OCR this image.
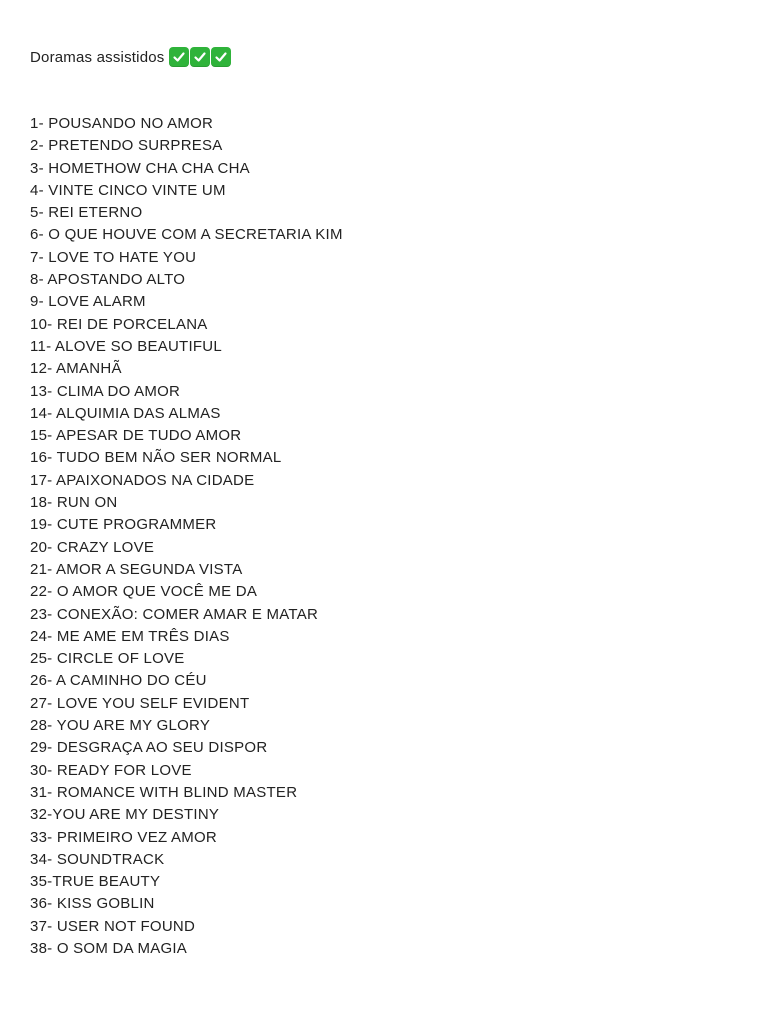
Doramas assistidos
1- POUSANDO NO AMOR
2- PRETENDO SURPRESA
3- HOMETHOW CHA CHA CHA
4- VINTE CINCO VINTE UM
5- REI ETERNO
6- O QUE HOUVE COM A SECRETARIA KIM
7- LOVE TO HATE YOU
8- APOSTANDO ALTO
9- LOVE ALARM
10- REI DE PORCELANA
11- ALOVE SO BEAUTIFUL
12- AMANHÃ
13- CLIMA DO AMOR
14- ALQUIMIA DAS ALMAS
15- APESAR DE TUDO AMOR
16- TUDO BEM NÃO SER NORMAL
17- APAIXONADOS NA CIDADE
18- RUN ON
19- CUTE PROGRAMMER
20- CRAZY LOVE
21- AMOR A SEGUNDA VISTA
22- O AMOR QUE VOCÊ ME DA
23- CONEXÃO: COMER AMAR E MATAR
24- ME AME EM TRÊS DIAS
25- CIRCLE OF LOVE
26- A CAMINHO DO CÉU
27- LOVE YOU SELF EVIDENT
28- YOU ARE MY GLORY
29- DESGRAÇA AO SEU DISPOR
30- READY FOR LOVE
31- ROMANCE WITH BLIND MASTER
32-YOU ARE MY DESTINY
33- PRIMEIRO VEZ AMOR
34- SOUNDTRACK
35-TRUE BEAUTY
36- KISS GOBLIN
37- USER NOT FOUND
38- O SOM DA MAGIA
